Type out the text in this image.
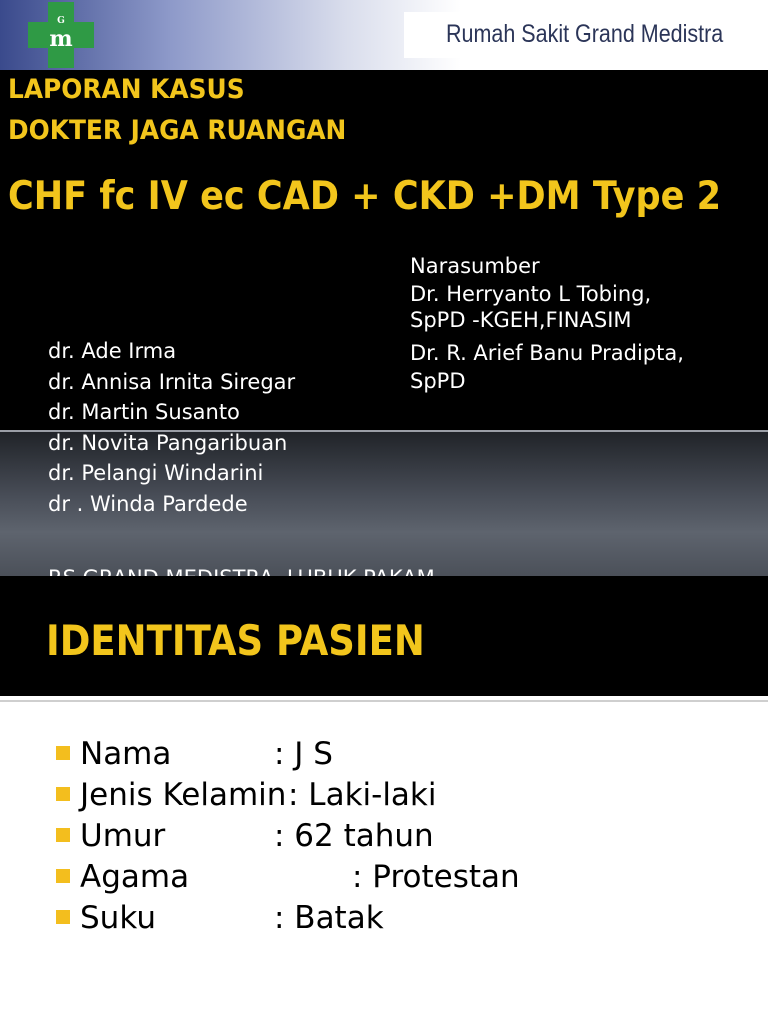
G
m	Rumah Sakit Grand Medistra
LAPORAN KASUS
DOKTER JAGA RUANGAN
CHF fc IV ec CAD + CKD +DM Type 2
Narasumber
Dr. Herryanto L Tobing,
SpPD -KGEH,FINASIM
Dr. R. Arief Banu Pradipta,
SpPD
dr. Ade Irma
dr. Annisa Irnita Siregar
dr. Martin Susanto
dr. Novita Pangaribuan
dr. Pelangi Windarini
dr . Winda Pardede
IDENTITAS PASIEN
Nama	: J S
Jenis Kelamin : Laki-laki
Umur	: 62 tahun
Agama	: Protestan
Suku	: Batak
